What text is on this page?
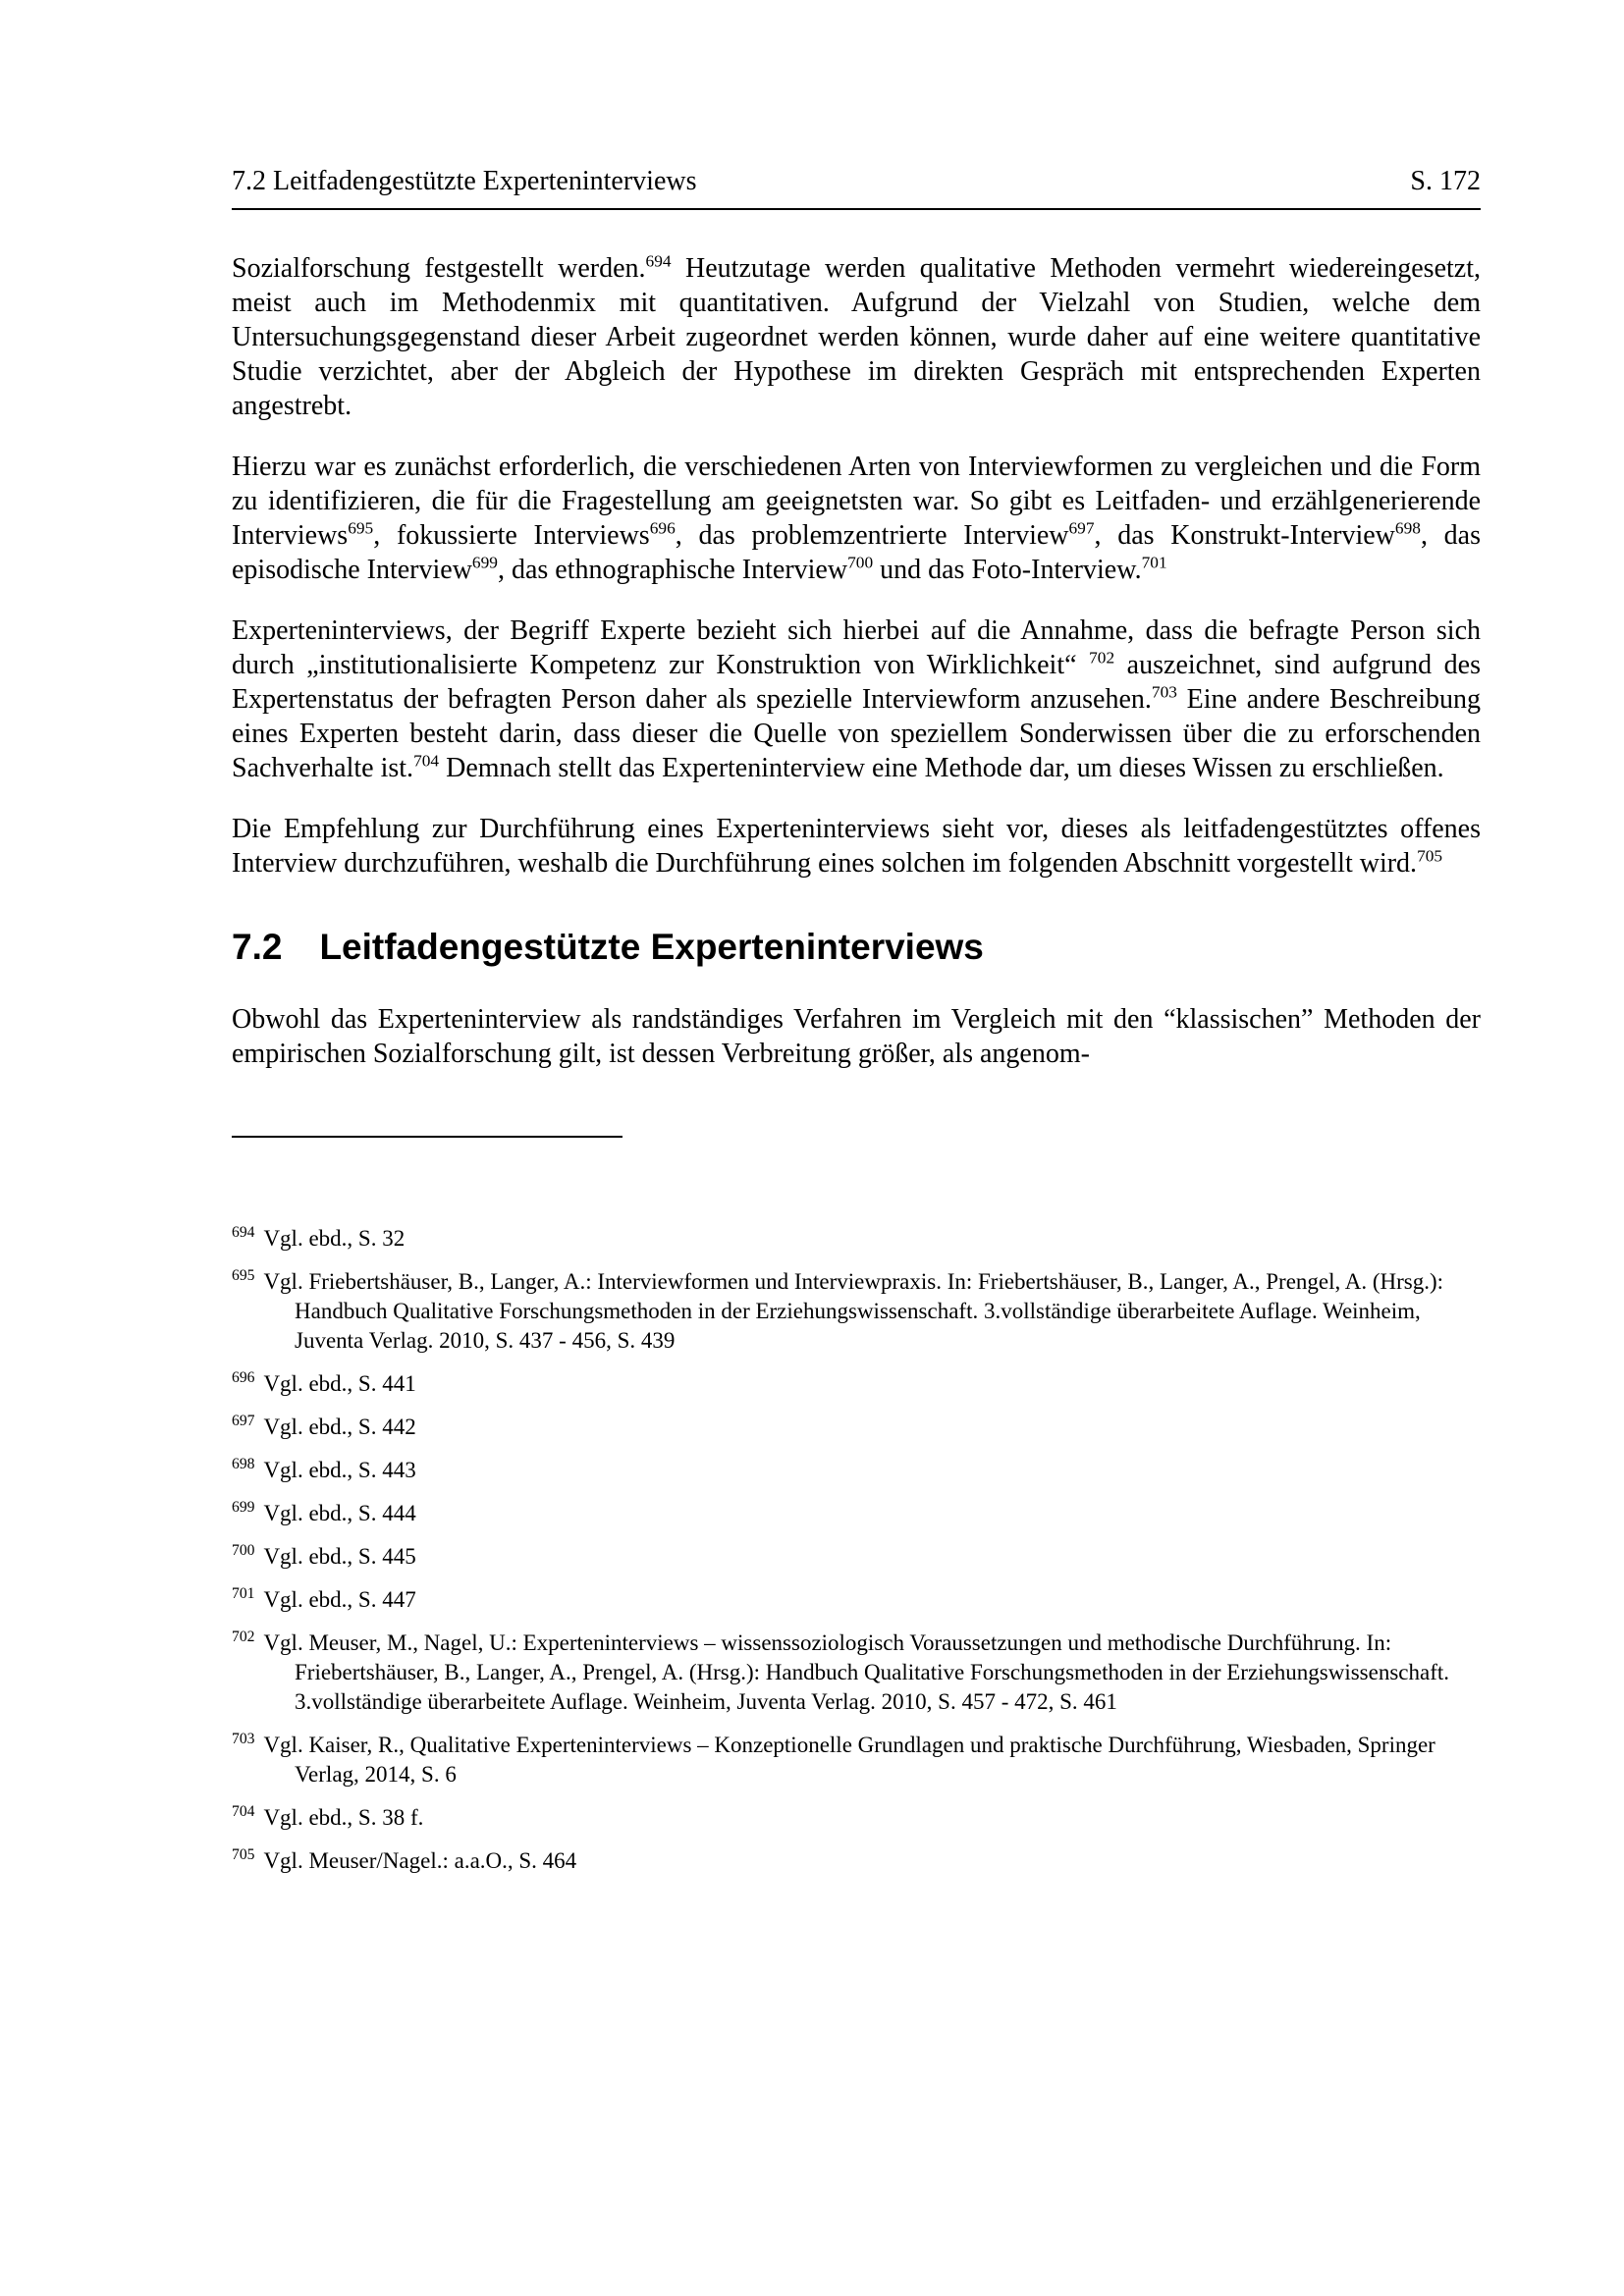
7.2 Leitfadengestützte Experteninterviews	S. 172

Sozialforschung festgestellt werden.$^{694}$ Heutzutage werden qualitative Methoden vermehrt wiedereingesetzt, meist auch im Methodenmix mit quantitativen. Aufgrund der Vielzahl von Studien, welche dem Untersuchungsgegenstand dieser Arbeit zugeordnet werden können, wurde daher auf eine weitere quantitative Studie verzichtet, aber der Abgleich der Hypothese im direkten Gespräch mit entsprechenden Experten angestrebt.

Hierzu war es zunächst erforderlich, die verschiedenen Arten von Interviewformen zu vergleichen und die Form zu identifizieren, die für die Fragestellung am geeignetsten war. So gibt es Leitfaden- und erzählgenerierende Interviews$^{695}$, fokussierte Interviews$^{696}$, das problemzentrierte Interview$^{697}$, das Konstrukt-Interview$^{698}$, das episodische Interview$^{699}$, das ethnographische Interview$^{700}$ und das Foto-Interview.$^{701}$

Experteninterviews, der Begriff Experte bezieht sich hierbei auf die Annahme, dass die befragte Person sich durch „institutionalisierte Kompetenz zur Konstruktion von Wirklichkeit“ $^{702}$ auszeichnet, sind aufgrund des Expertenstatus der befragten Person daher als spezielle Interviewform anzusehen.$^{703}$ Eine andere Beschreibung eines Experten besteht darin, dass dieser die Quelle von speziellem Sonderwissen über die zu erforschenden Sachverhalte ist.$^{704}$ Demnach stellt das Experteninterview eine Methode dar, um dieses Wissen zu erschließen.

Die Empfehlung zur Durchführung eines Experteninterviews sieht vor, dieses als leitfadengestütztes offenes Interview durchzuführen, weshalb die Durchführung eines solchen im folgenden Abschnitt vorgestellt wird.$^{705}$

7.2 Leitfadengestützte Experteninterviews

Obwohl das Experteninterview als randständiges Verfahren im Vergleich mit den “klassischen” Methoden der empirischen Sozialforschung gilt, ist dessen Verbreitung größer, als angenom-

$^{694}$ Vgl. ebd., S. 32
$^{695}$ Vgl. Friebertshäuser, B., Langer, A.: Interviewformen und Interviewpraxis. In: Friebertshäuser, B., Langer, A., Prengel, A. (Hrsg.): Handbuch Qualitative Forschungsmethoden in der Erziehungswissenschaft. 3.vollständige überarbeitete Auflage. Weinheim, Juventa Verlag. 2010, S. 437 - 456, S. 439
$^{696}$ Vgl. ebd., S. 441
$^{697}$ Vgl. ebd., S. 442
$^{698}$ Vgl. ebd., S. 443
$^{699}$ Vgl. ebd., S. 444
$^{700}$ Vgl. ebd., S. 445
$^{701}$ Vgl. ebd., S. 447
$^{702}$ Vgl. Meuser, M., Nagel, U.: Experteninterviews – wissenssoziologisch Voraussetzungen und methodische Durchführung. In: Friebertshäuser, B., Langer, A., Prengel, A. (Hrsg.): Handbuch Qualitative Forschungsmethoden in der Erziehungswissenschaft. 3.vollständige überarbeitete Auflage. Weinheim, Juventa Verlag. 2010, S. 457 - 472, S. 461
$^{703}$ Vgl. Kaiser, R., Qualitative Experteninterviews – Konzeptionelle Grundlagen und praktische Durchführung, Wiesbaden, Springer Verlag, 2014, S. 6
$^{704}$ Vgl. ebd., S. 38 f.
$^{705}$ Vgl. Meuser/Nagel.: a.a.O., S. 464
